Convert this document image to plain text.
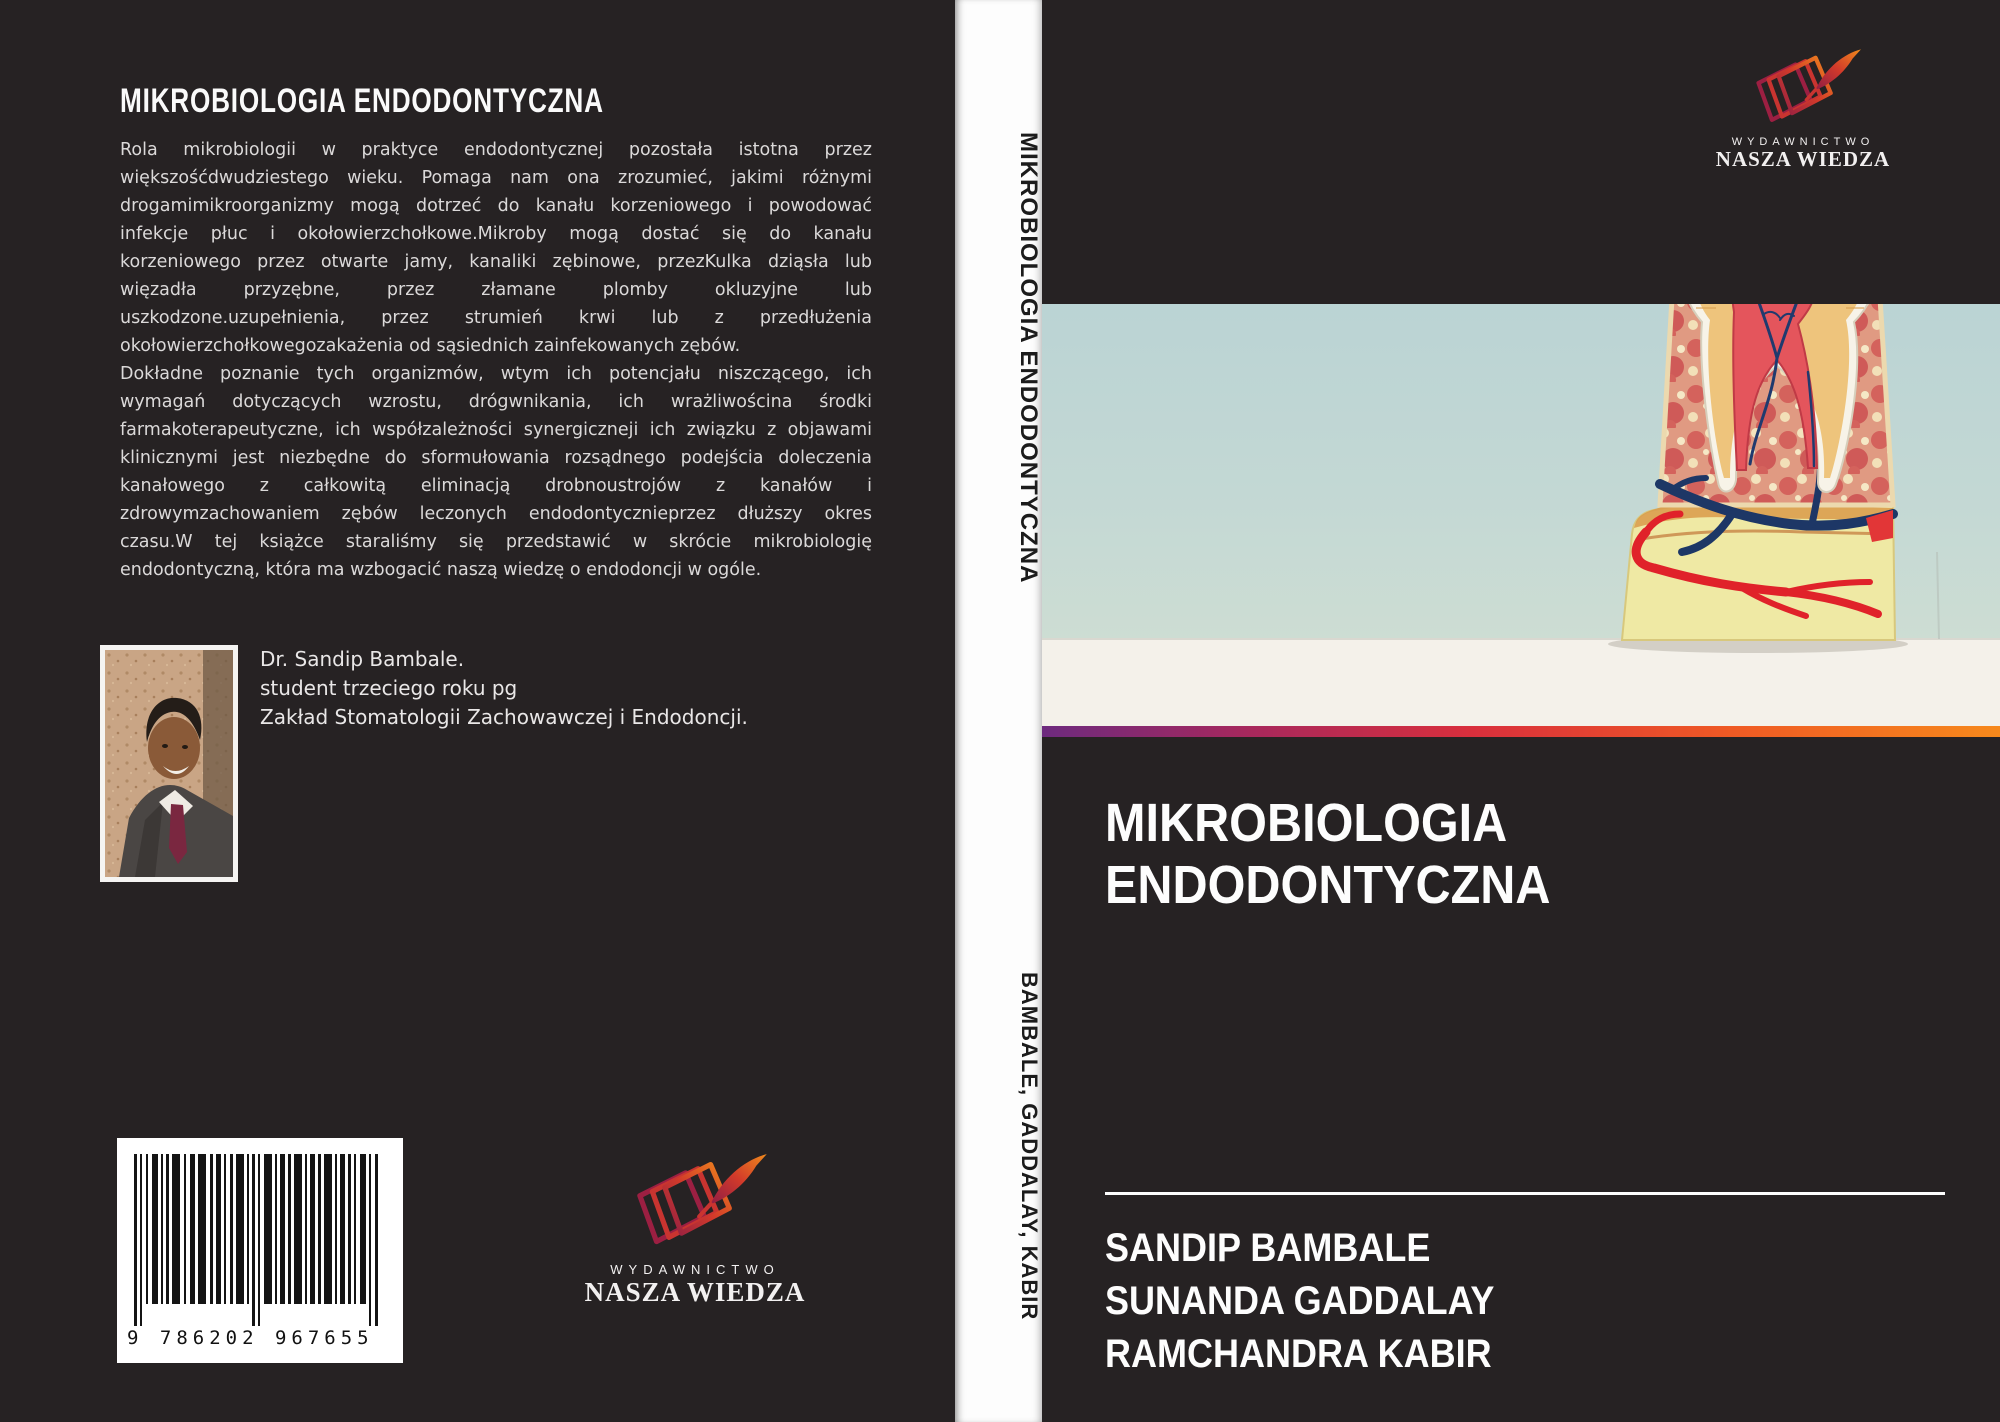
MIKROBIOLOGIA ENDODONTYCZNA
Rola mikrobiologii w praktyce endodontycznej pozostała istotna przez
większośćdwudziestego wieku. Pomaga nam ona zrozumieć, jakimi różnymi
drogamimikroorganizmy mogą dotrzeć do kanału korzeniowego i powodować
infekcje płuc i okołowierzchołkowe.Mikroby mogą dostać się do kanału
korzeniowego przez otwarte jamy, kanaliki zębinowe, przezKulka dziąsła lub
więzadła przyzębne, przez złamane plomby okluzyjne lub
uszkodzone.uzupełnienia, przez strumień krwi lub z przedłużenia
okołowierzchołkowegozakażenia od sąsiednich zainfekowanych zębów.
Dokładne poznanie tych organizmów, wtym ich potencjału niszczącego, ich
wymagań dotyczących wzrostu, drógwnikania, ich wrażliwościna środki
farmakoterapeutyczne, ich współzależności synergiczneji ich związku z objawami
klinicznymi jest niezbędne do sformułowania rozsądnego podejścia doleczenia
kanałowego z całkowitą eliminacją drobnoustrojów z kanałów i
zdrowymzachowaniem zębów leczonych endodontycznieprzez dłuższy okres
czasu.W tej książce staraliśmy się przedstawić w skrócie mikrobiologię
endodontyczną, która ma wzbogacić naszą wiedzę o endodoncji w ogóle.
Dr. Sandip Bambale.
student trzeciego roku pg
Zakład Stomatologii Zachowawczej i Endodoncji.
9 786202 967655
WYDAWNICTWO
NASZA WIEDZA
MIKROBIOLOGIA ENDODONTYCZNA
BAMBALE, GADDALAY, KABIR
WYDAWNICTWO
NASZA WIEDZA
MIKROBIOLOGIA
ENDODONTYCZNA
SANDIP BAMBALE
SUNANDA GADDALAY
RAMCHANDRA KABIR
